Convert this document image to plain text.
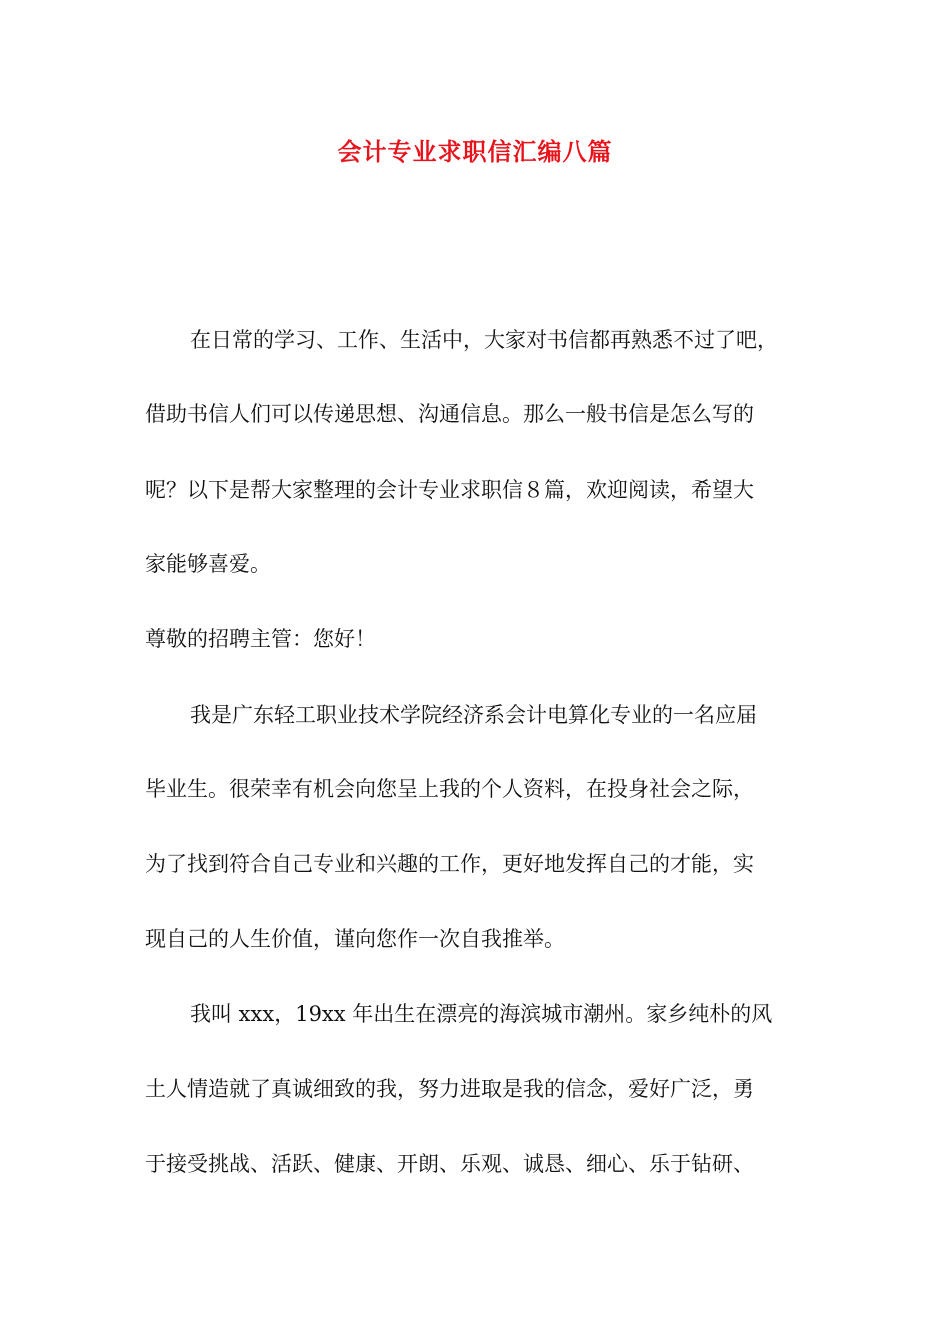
会计专业求职信汇编八篇

在日常的学习、工作、生活中，大家对书信都再熟悉不过了吧，

借助书信人们可以传递思想、沟通信息。那么一般书信是怎么写的

呢？以下是帮大家整理的会计专业求职信８篇，欢迎阅读，希望大

家能够喜爱。

尊敬的招聘主管：您好！

我是广东轻工职业技术学院经济系会计电算化专业的一名应届

毕业生。很荣幸有机会向您呈上我的个人资料，在投身社会之际，

为了找到符合自己专业和兴趣的工作，更好地发挥自己的才能，实

现自己的人生价值，谨向您作一次自我推举。

我叫 xxx，19xx 年出生在漂亮的海滨城市潮州。家乡纯朴的风

土人情造就了真诚细致的我，努力进取是我的信念，爱好广泛，勇

于接受挑战、活跃、健康、开朗、乐观、诚恳、细心、乐于钻研、
